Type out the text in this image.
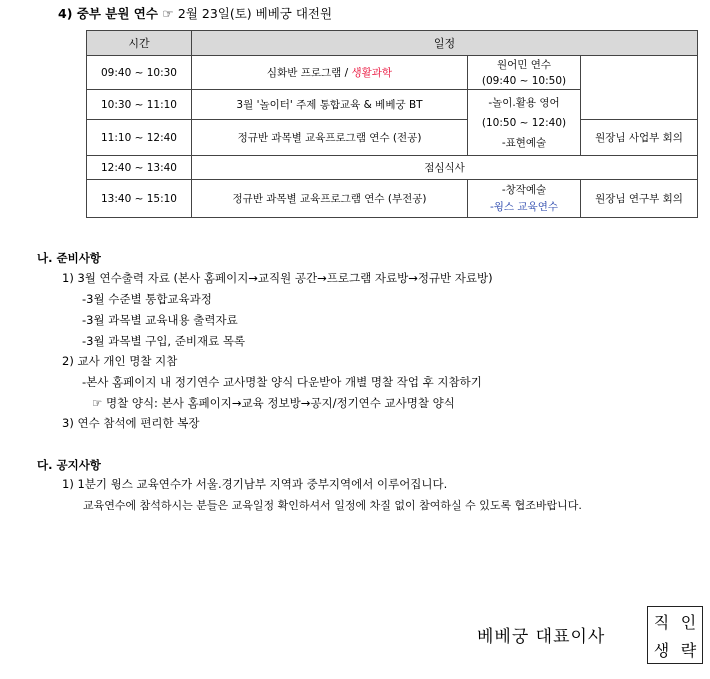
4) 중부 분원 연수 ☞ 2월 23일(토) 베베궁 대전원
시간	일정		
09:40 ~ 10:30	심화반 프로그램 / 생활과학	원어민 연수
(09:40 ~ 10:50)	

10:30 ~ 11:10	3월 '놀이터' 주제 통합교육 & 베베궁 BT	-놀이.활용 영어
(10:50 ~ 12:40)
-표현예술	

11:10 ~ 12:40	정규반 과목별 교육프로그램 연수 (전공)		원장님 사업부 회의
12:40 ~ 13:40	점심식사		
13:40 ~ 15:10	정규반 과목별 교육프로그램 연수 (부전공)	-창작예술
-윙스 교육연수	원장님 연구부 회의
나. 준비사항
1) 3월 연수출력 자료 (본사 홈페이지→교직원 공간→프로그램 자료방→정규반 자료방)
-3월 수준별 통합교육과정
-3월 과목별 교육내용 출력자료
-3월 과목별 구입, 준비재료 목록
2) 교사 개인 명찰 지참
-본사 홈페이지 내 정기연수 교사명찰 양식 다운받아 개별 명찰 작업 후 지참하기
☞ 명찰 양식: 본사 홈페이지→교육 정보방→공지/정기연수 교사명찰 양식
3) 연수 참석에 편리한 복장
다. 공지사항
1) 1분기 윙스 교육연수가 서울.경기남부 지역과 중부지역에서 이루어집니다.
교육연수에 참석하시는 분들은 교육일정 확인하셔서 일정에 차질 없이 참여하실 수 있도록 협조바랍니다.
베베궁 대표이사
직 인
생 략
